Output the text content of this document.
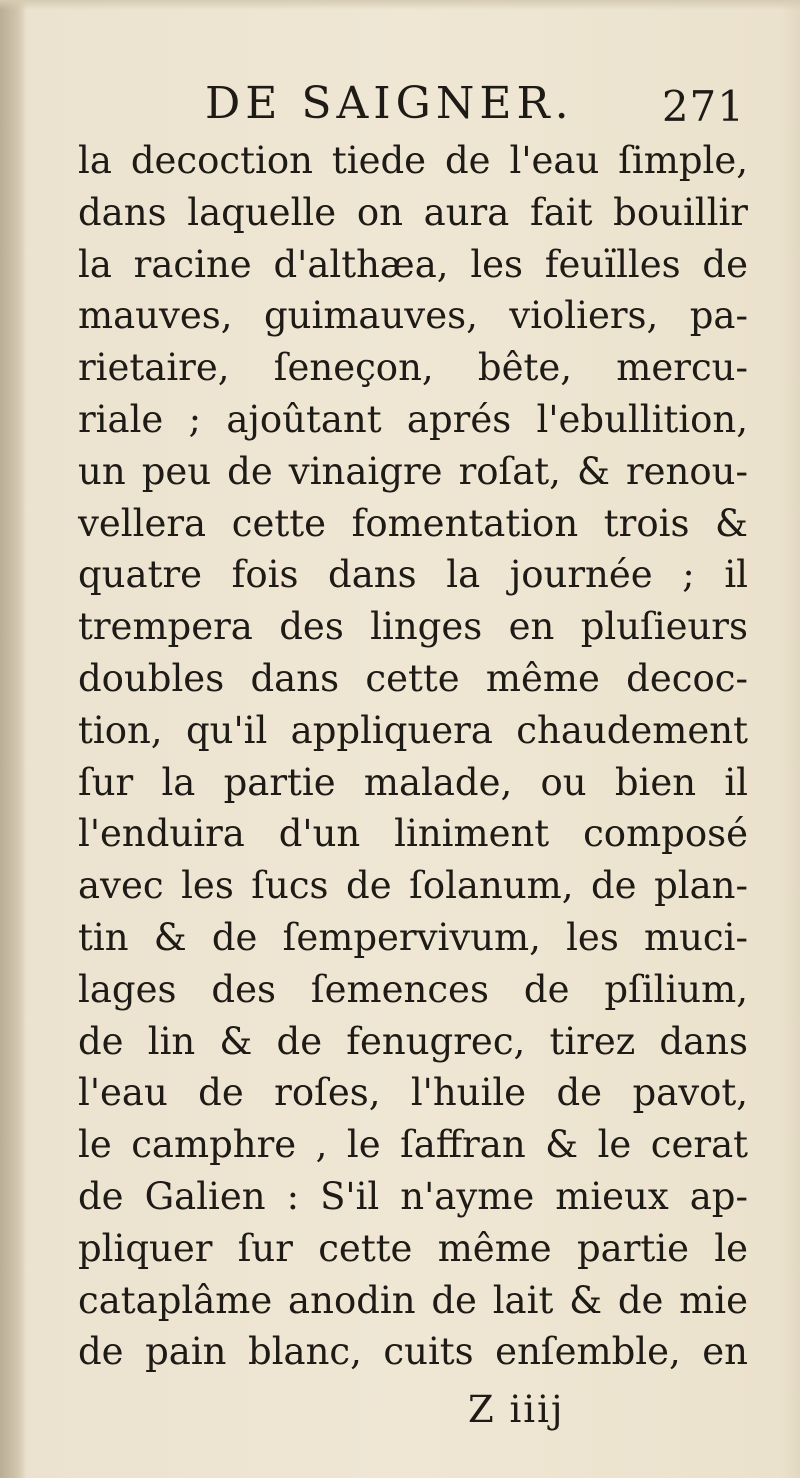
DE SAIGNER. 271
la decoction tiede de l'eau ſimple,
dans laquelle on aura fait bouillir
la racine d'althæa, les feuïlles de
mauves, guimauves, violiers, pa-
rietaire, ſeneçon, bête, mercu-
riale ; ajoûtant aprés l'ebullition,
un peu de vinaigre roſat, & renou-
vellera cette fomentation trois &
quatre fois dans la journée ; il
trempera des linges en pluſieurs
doubles dans cette même decoc-
tion, qu'il appliquera chaudement
ſur la partie malade, ou bien il
l'enduira d'un liniment composé
avec les ſucs de ſolanum, de plan-
tin & de ſempervivum, les muci-
lages des ſemences de pſilium,
de lin & de fenugrec, tirez dans
l'eau de roſes, l'huile de pavot,
le camphre , le ſaffran & le cerat
de Galien : S'il n'ayme mieux ap-
pliquer ſur cette même partie le
cataplâme anodin de lait & de mie
de pain blanc, cuits enſemble, en
Z iiij
